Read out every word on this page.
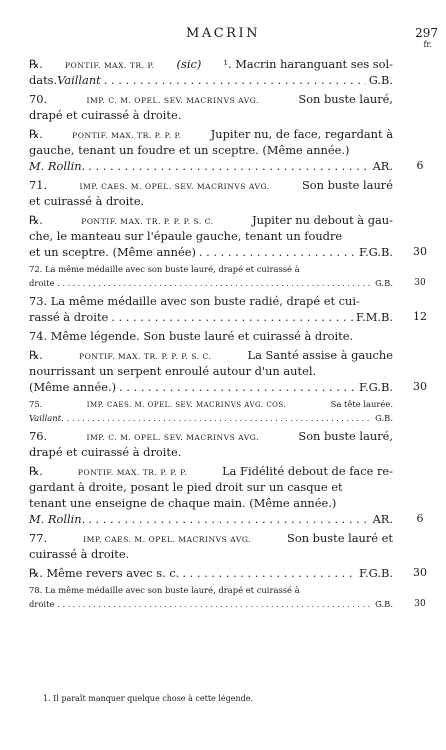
MACRIN	297
fr.
℞.	PONTIF. MAX. TR. P. (sic) ¹. Macrin haranguant ses sol-
dats. Vaillant . . .	G.B.
70.	IMP. C. M. OPEL. SEV. MACRINVS AVG.	Son buste lauré,
drapé et cuirassé à droite.
℞.	PONTIF. MAX. TR. P. P. P.	Jupiter nu, de face, regardant à
gauche, tenant un foudre et un sceptre. (Même année.)
M. Rollin . . . .	AR.	6
71.	IMP. CAES. M. OPEL. SEV. MACRINVS AVG.	Son buste lauré
et cuirassé à droite.
℞.	PONTIF. MAX. TR. P. P. P. S. C.	Jupiter nu debout à gau-
che, le manteau sur l'épaule gauche, tenant un foudre
et un sceptre. (Même année) . . .	F.G.B.	30
72. La même médaille avec son buste lauré, drapé et cuirassé à
droite . . .	G.B.	30
73. La même médaille avec son buste radié, drapé et cui-
rassé à droite . . .	F.M.B.	12
74. Même légende. Son buste lauré et cuirassé à droite.
℞.	PONTIF. MAX. TR. P. P. P. S. C.	La Santé assise à gauche
nourrissant un serpent enroulé autour d'un autel.
(Même année.) . . .	F.G.B.	30
75.	IMP. CAES. M. OPEL. SEV. MACRINVS AVG. COS.	Sa tête laurée.
Vaillant . . . .	G.B.
76.	IMP. C. M. OPEL. SEV. MACRINVS AVG.	Son buste lauré,
drapé et cuirassé à droite.
℞.	PONTIF. MAX. TR. P. P. P.	La Fidélité debout de face re-
gardant à droite, posant le pied droit sur un casque et
tenant une enseigne de chaque main. (Même année.)
M. Rollin . . . .	AR.	6
77.	IMP. CAES. M. OPEL. MACRINVS AVG.	Son buste lauré et
cuirassé à droite.
℞. Même revers avec s. c. . . .	F.G.B.	30
78. La même médaille avec son buste lauré, drapé et cuirassé à
droite . . .	G.B.	30
1. Il paraît manquer quelque chose à cette légende.
